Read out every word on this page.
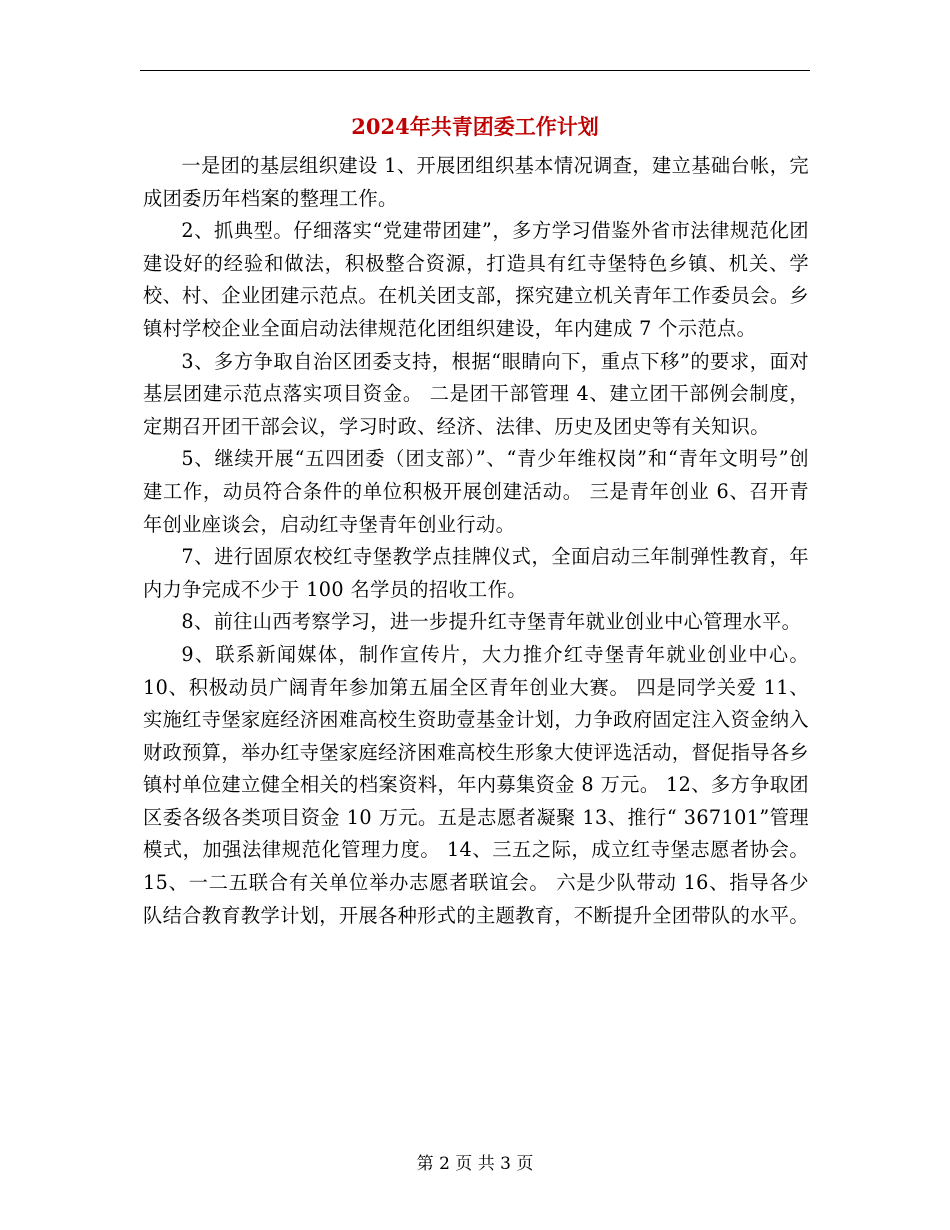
2024年共青团委工作计划

一是团的基层组织建设 1、开展团组织基本情况调查，建立基础台帐，完成团委历年档案的整理工作。

2、抓典型。仔细落实“党建带团建”，多方学习借鉴外省市法律规范化团建设好的经验和做法，积极整合资源，打造具有红寺堡特色乡镇、机关、学校、村、企业团建示范点。在机关团支部，探究建立机关青年工作委员会。乡镇村学校企业全面启动法律规范化团组织建设，年内建成 7 个示范点。

3、多方争取自治区团委支持，根据“眼睛向下，重点下移”的要求，面对基层团建示范点落实项目资金。 二是团干部管理 4、建立团干部例会制度，定期召开团干部会议，学习时政、经济、法律、历史及团史等有关知识。

5、继续开展“五四团委（团支部）”、“青少年维权岗”和“青年文明号”创建工作，动员符合条件的单位积极开展创建活动。 三是青年创业 6、召开青年创业座谈会，启动红寺堡青年创业行动。

7、进行固原农校红寺堡教学点挂牌仪式，全面启动三年制弹性教育，年内力争完成不少于 100 名学员的招收工作。

8、前往山西考察学习，进一步提升红寺堡青年就业创业中心管理水平。

9、联系新闻媒体，制作宣传片，大力推介红寺堡青年就业创业中心。 10、积极动员广阔青年参加第五届全区青年创业大赛。 四是同学关爱 11、实施红寺堡家庭经济困难高校生资助壹基金计划，力争政府固定注入资金纳入财政预算，举办红寺堡家庭经济困难高校生形象大使评选活动，督促指导各乡镇村单位建立健全相关的档案资料，年内募集资金 8 万元。 12、多方争取团区委各级各类项目资金 10 万元。五是志愿者凝聚 13、推行“ 367101”管理模式，加强法律规范化管理力度。 14、三五之际，成立红寺堡志愿者协会。 15、一二五联合有关单位举办志愿者联谊会。 六是少队带动 16、指导各少队结合教育教学计划，开展各种形式的主题教育，不断提升全团带队的水平。

第 2 页 共 3 页
